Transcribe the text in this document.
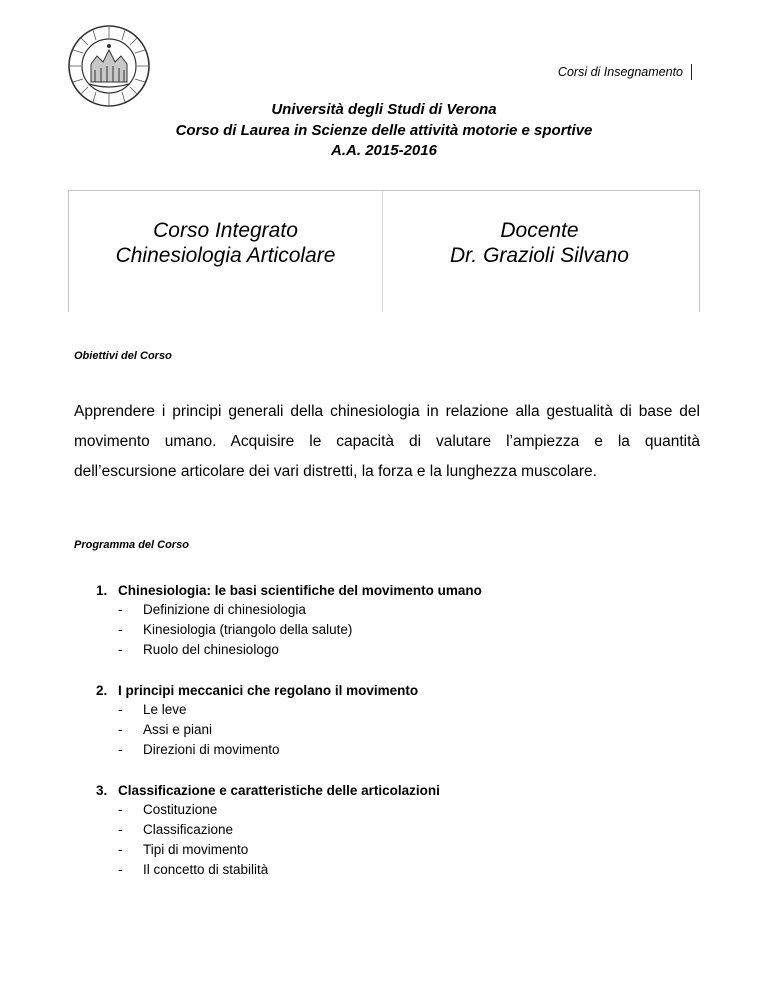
Corsi di Insegnamento
Università degli Studi di Verona
Corso di Laurea in Scienze delle attività motorie e sportive
A.A. 2015-2016
Corso Integrato
Chinesiologia Articolare
Docente
Dr. Grazioli Silvano
Obiettivi del Corso
Apprendere i principi generali della chinesiologia in relazione alla gestualità di base del movimento umano. Acquisire le capacità di valutare l’ampiezza e la quantità dell’escursione articolare dei vari distretti, la forza e la lunghezza muscolare.
Programma del Corso
1. Chinesiologia: le basi scientifiche del movimento umano
- Definizione di chinesiologia
- Kinesiologia (triangolo della salute)
- Ruolo del chinesiologo
2. I principi meccanici che regolano il movimento
- Le leve
- Assi e piani
- Direzioni di movimento
3. Classificazione e caratteristiche delle articolazioni
- Costituzione
- Classificazione
- Tipi di movimento
- Il concetto di stabilità
